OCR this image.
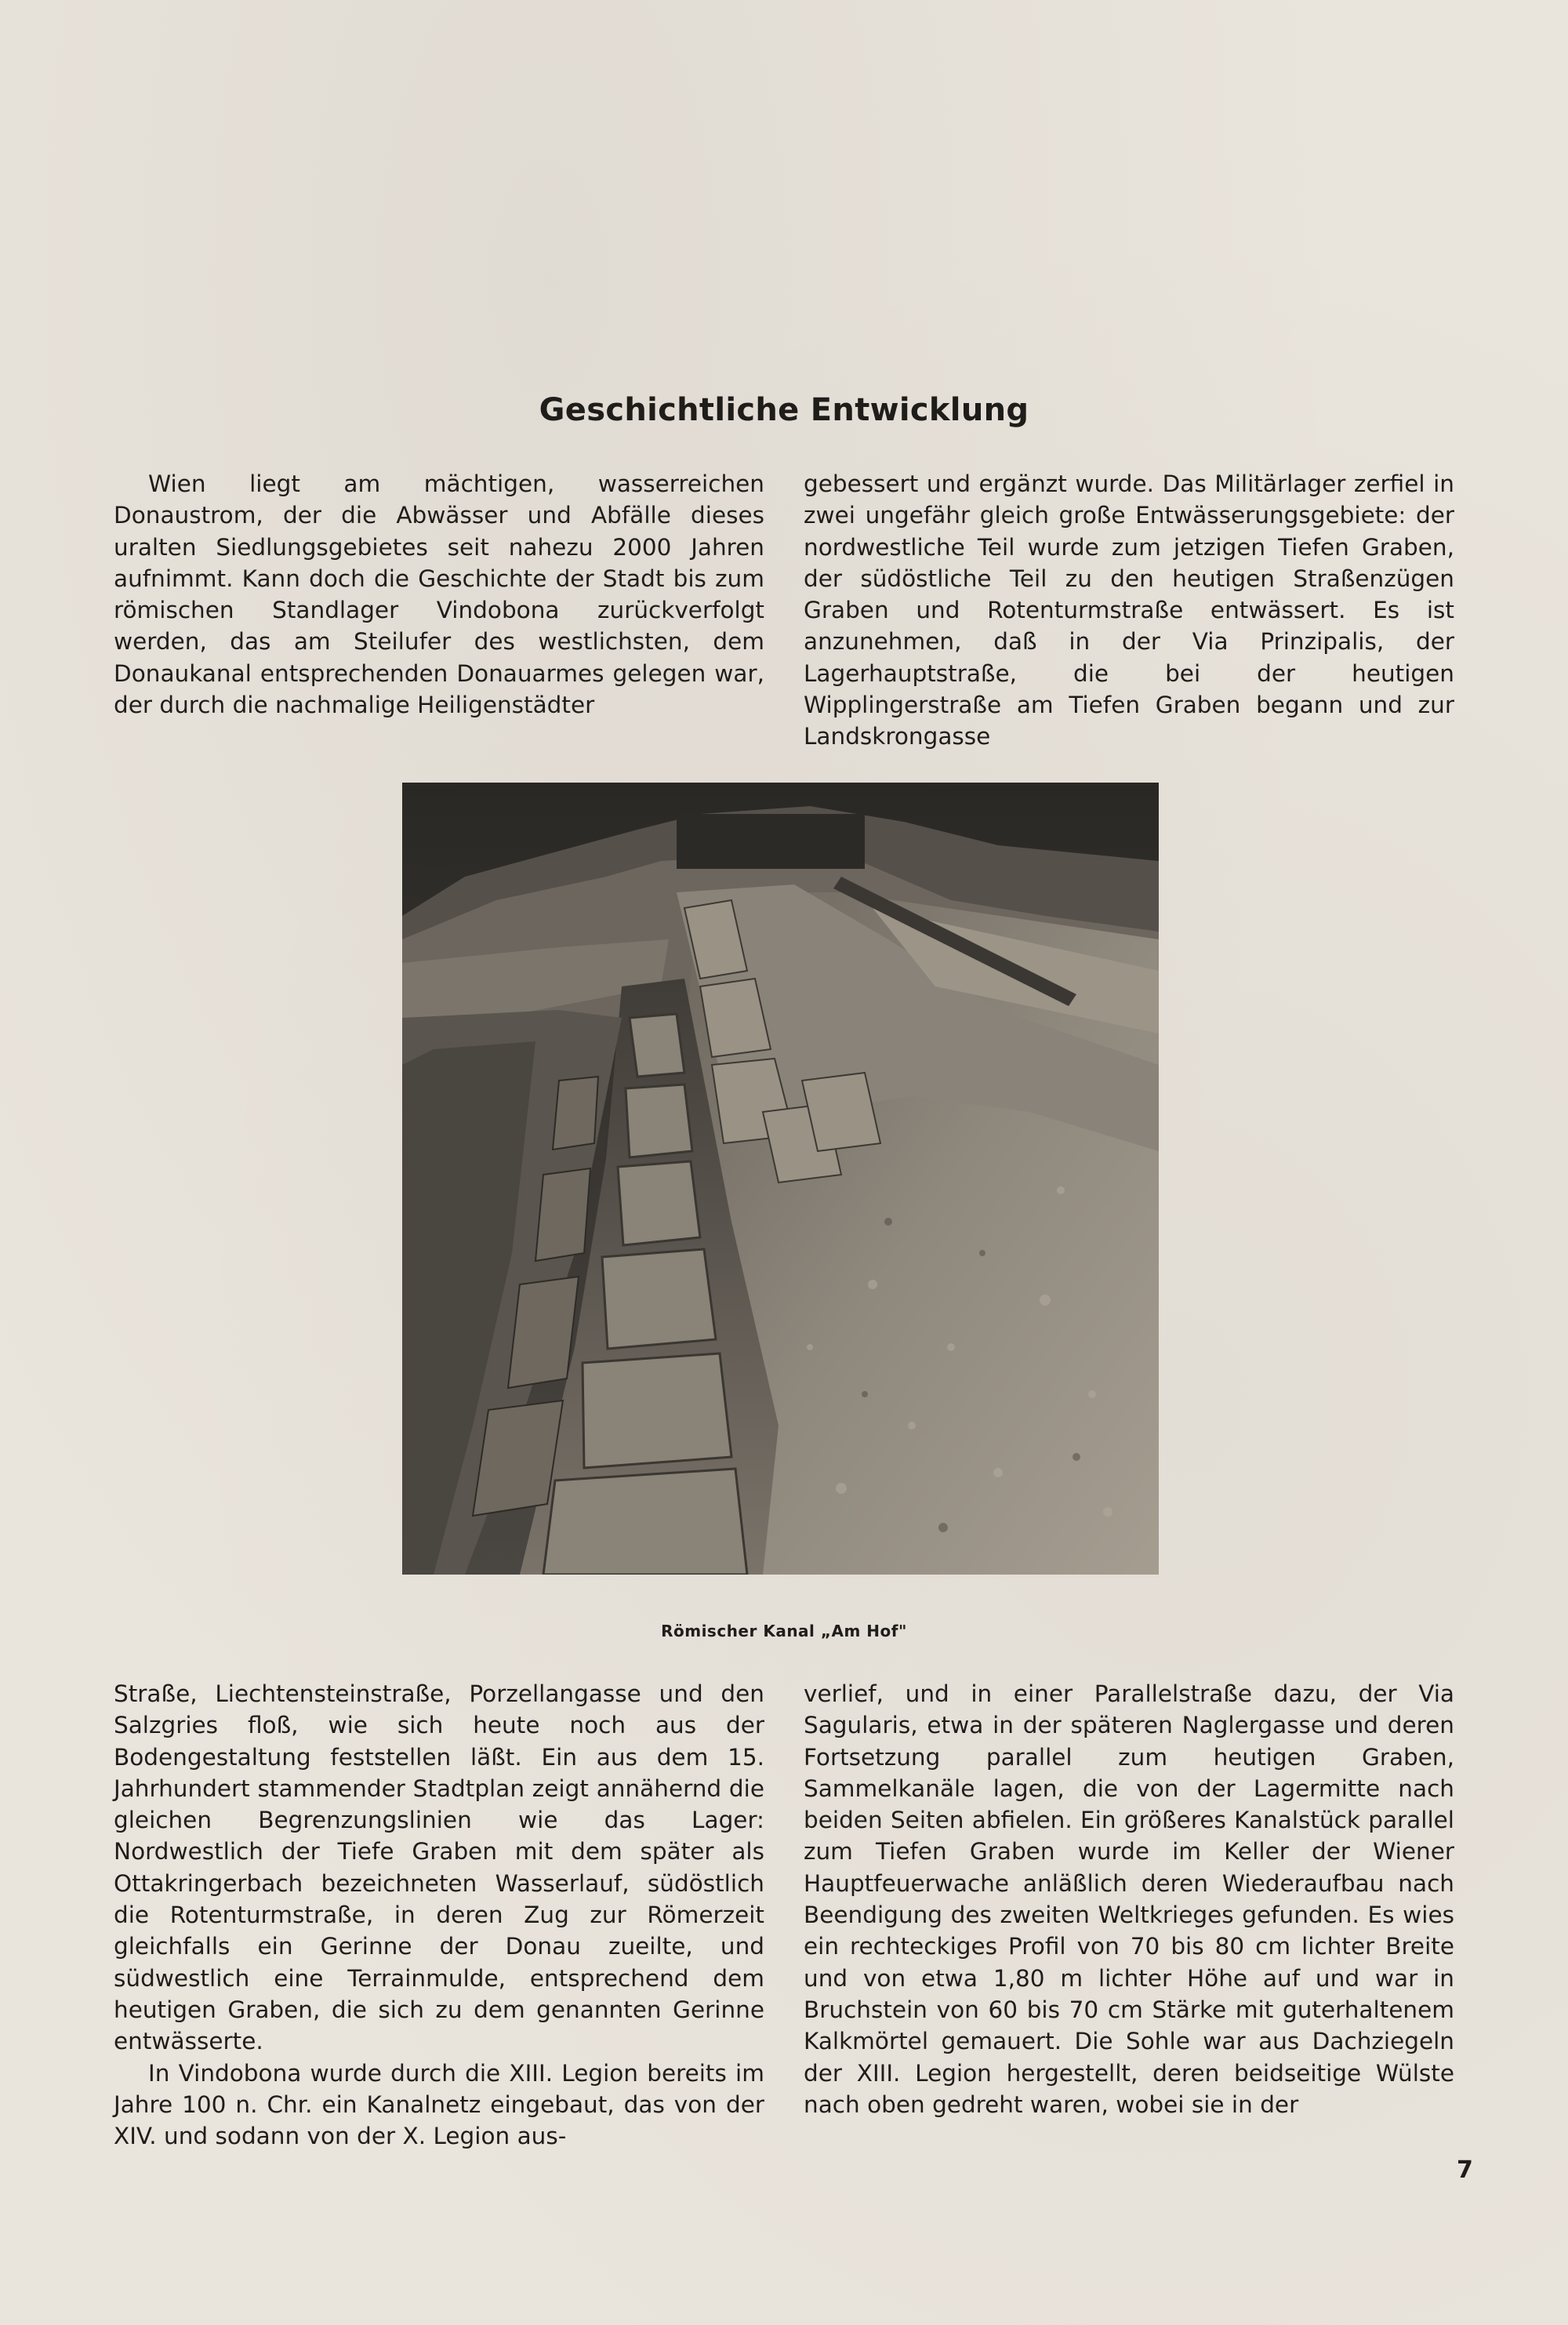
Geschichtliche Entwicklung

Wien liegt am mächtigen, wasserreichen Donaustrom, der die Abwässer und Abfälle dieses uralten Siedlungsgebietes seit nahezu 2000 Jahren aufnimmt. Kann doch die Geschichte der Stadt bis zum römischen Standlager Vindobona zurückverfolgt werden, das am Steilufer des westlichsten, dem Donaukanal entsprechenden Donauarmes gelegen war, der durch die nachmalige Heiligenstädter

gebessert und ergänzt wurde. Das Militärlager zerfiel in zwei ungefähr gleich große Entwässerungsgebiete: der nordwestliche Teil wurde zum jetzigen Tiefen Graben, der südöstliche Teil zu den heutigen Straßenzügen Graben und Rotenturmstraße entwässert. Es ist anzunehmen, daß in der Via Prinzipalis, der Lagerhauptstraße, die bei der heutigen Wipplingerstraße am Tiefen Graben begann und zur Landskrongasse

Römischer Kanal „Am Hof"

Straße, Liechtensteinstraße, Porzellangasse und den Salzgries floß, wie sich heute noch aus der Bodengestaltung feststellen läßt. Ein aus dem 15. Jahrhundert stammender Stadtplan zeigt annähernd die gleichen Begrenzungslinien wie das Lager: Nordwestlich der Tiefe Graben mit dem später als Ottakringerbach bezeichneten Wasserlauf, südöstlich die Rotenturmstraße, in deren Zug zur Römerzeit gleichfalls ein Gerinne der Donau zueilte, und südwestlich eine Terrainmulde, entsprechend dem heutigen Graben, die sich zu dem genannten Gerinne entwässerte.

In Vindobona wurde durch die XIII. Legion bereits im Jahre 100 n. Chr. ein Kanalnetz eingebaut, das von der XIV. und sodann von der X. Legion aus-

verlief, und in einer Parallelstraße dazu, der Via Sagularis, etwa in der späteren Naglergasse und deren Fortsetzung parallel zum heutigen Graben, Sammelkanäle lagen, die von der Lagermitte nach beiden Seiten abfielen. Ein größeres Kanalstück parallel zum Tiefen Graben wurde im Keller der Wiener Hauptfeuerwache anläßlich deren Wiederaufbau nach Beendigung des zweiten Weltkrieges gefunden. Es wies ein rechteckiges Profil von 70 bis 80 cm lichter Breite und von etwa 1,80 m lichter Höhe auf und war in Bruchstein von 60 bis 70 cm Stärke mit guterhaltenem Kalkmörtel gemauert. Die Sohle war aus Dachziegeln der XIII. Legion hergestellt, deren beidseitige Wülste nach oben gedreht waren, wobei sie in der

7
